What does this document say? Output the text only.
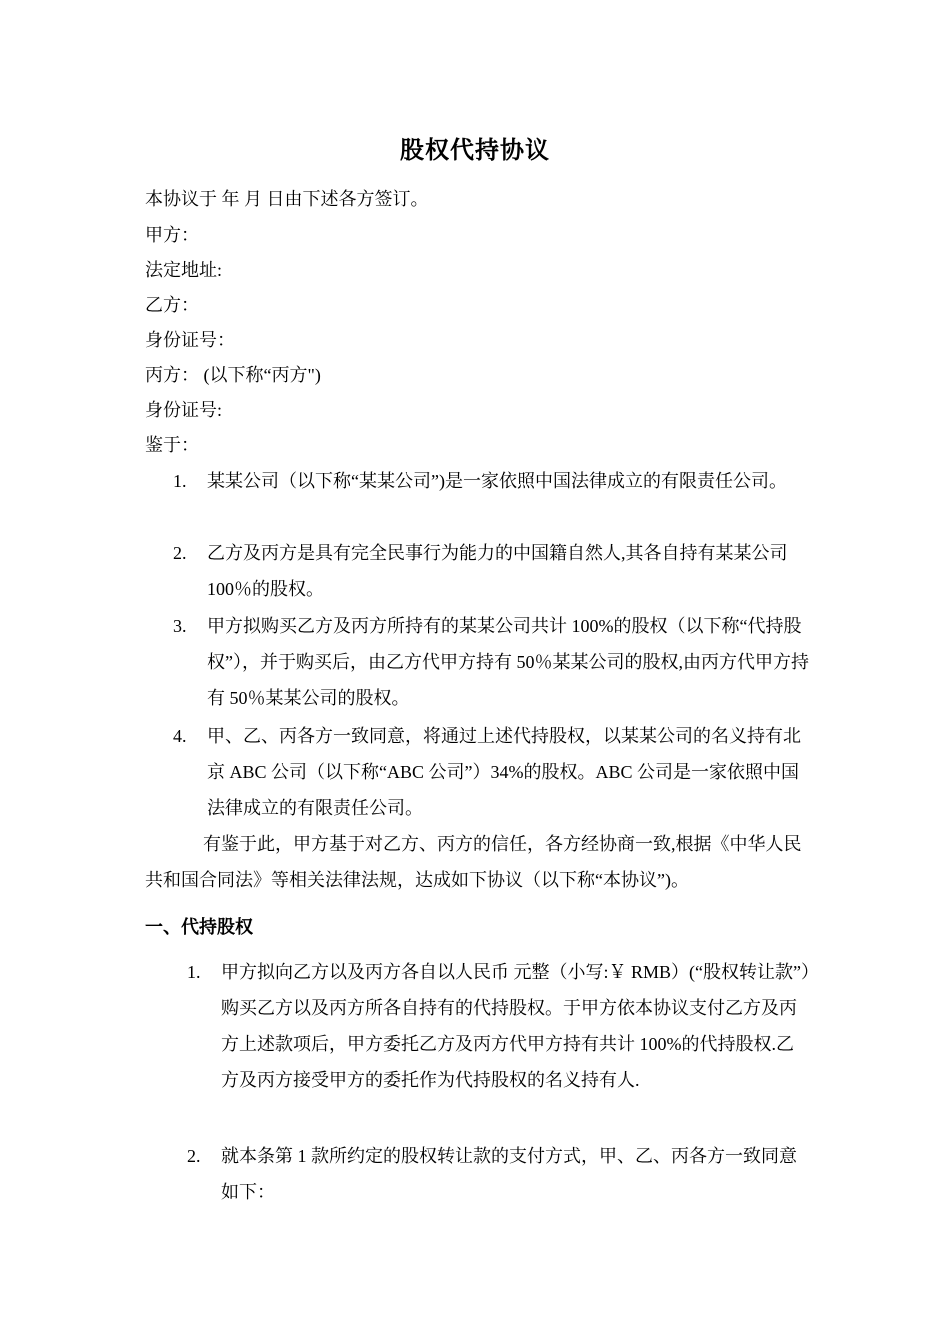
股权代持协议
本协议于 年 月 日由下述各方签订。
甲方：
法定地址:
乙方：
身份证号：
丙方： (以下称“丙方")
身份证号:
鉴于：
1. 某某公司（以下称“某某公司”)是一家依照中国法律成立的有限责任公司。
2. 乙方及丙方是具有完全民事行为能力的中国籍自然人,其各自持有某某公司 100％的股权。
3. 甲方拟购买乙方及丙方所持有的某某公司共计 100%的股权（以下称“代持股权”），并于购买后，由乙方代甲方持有 50％某某公司的股权,由丙方代甲方持有 50％某某公司的股权。
4. 甲、乙、丙各方一致同意，将通过上述代持股权，以某某公司的名义持有北京 ABC 公司（以下称“ABC 公司”）34%的股权。ABC 公司是一家依照中国法律成立的有限责任公司。
有鉴于此，甲方基于对乙方、丙方的信任，各方经协商一致,根据《中华人民共和国合同法》等相关法律法规，达成如下协议（以下称“本协议”)。
一、代持股权
1. 甲方拟向乙方以及丙方各自以人民币 元整（小写:￥ RMB）(“股权转让款”）购买乙方以及丙方所各自持有的代持股权。于甲方依本协议支付乙方及丙方上述款项后，甲方委托乙方及丙方代甲方持有共计 100%的代持股权.乙方及丙方接受甲方的委托作为代持股权的名义持有人.
2. 就本条第 1 款所约定的股权转让款的支付方式，甲、乙、丙各方一致同意如下：
